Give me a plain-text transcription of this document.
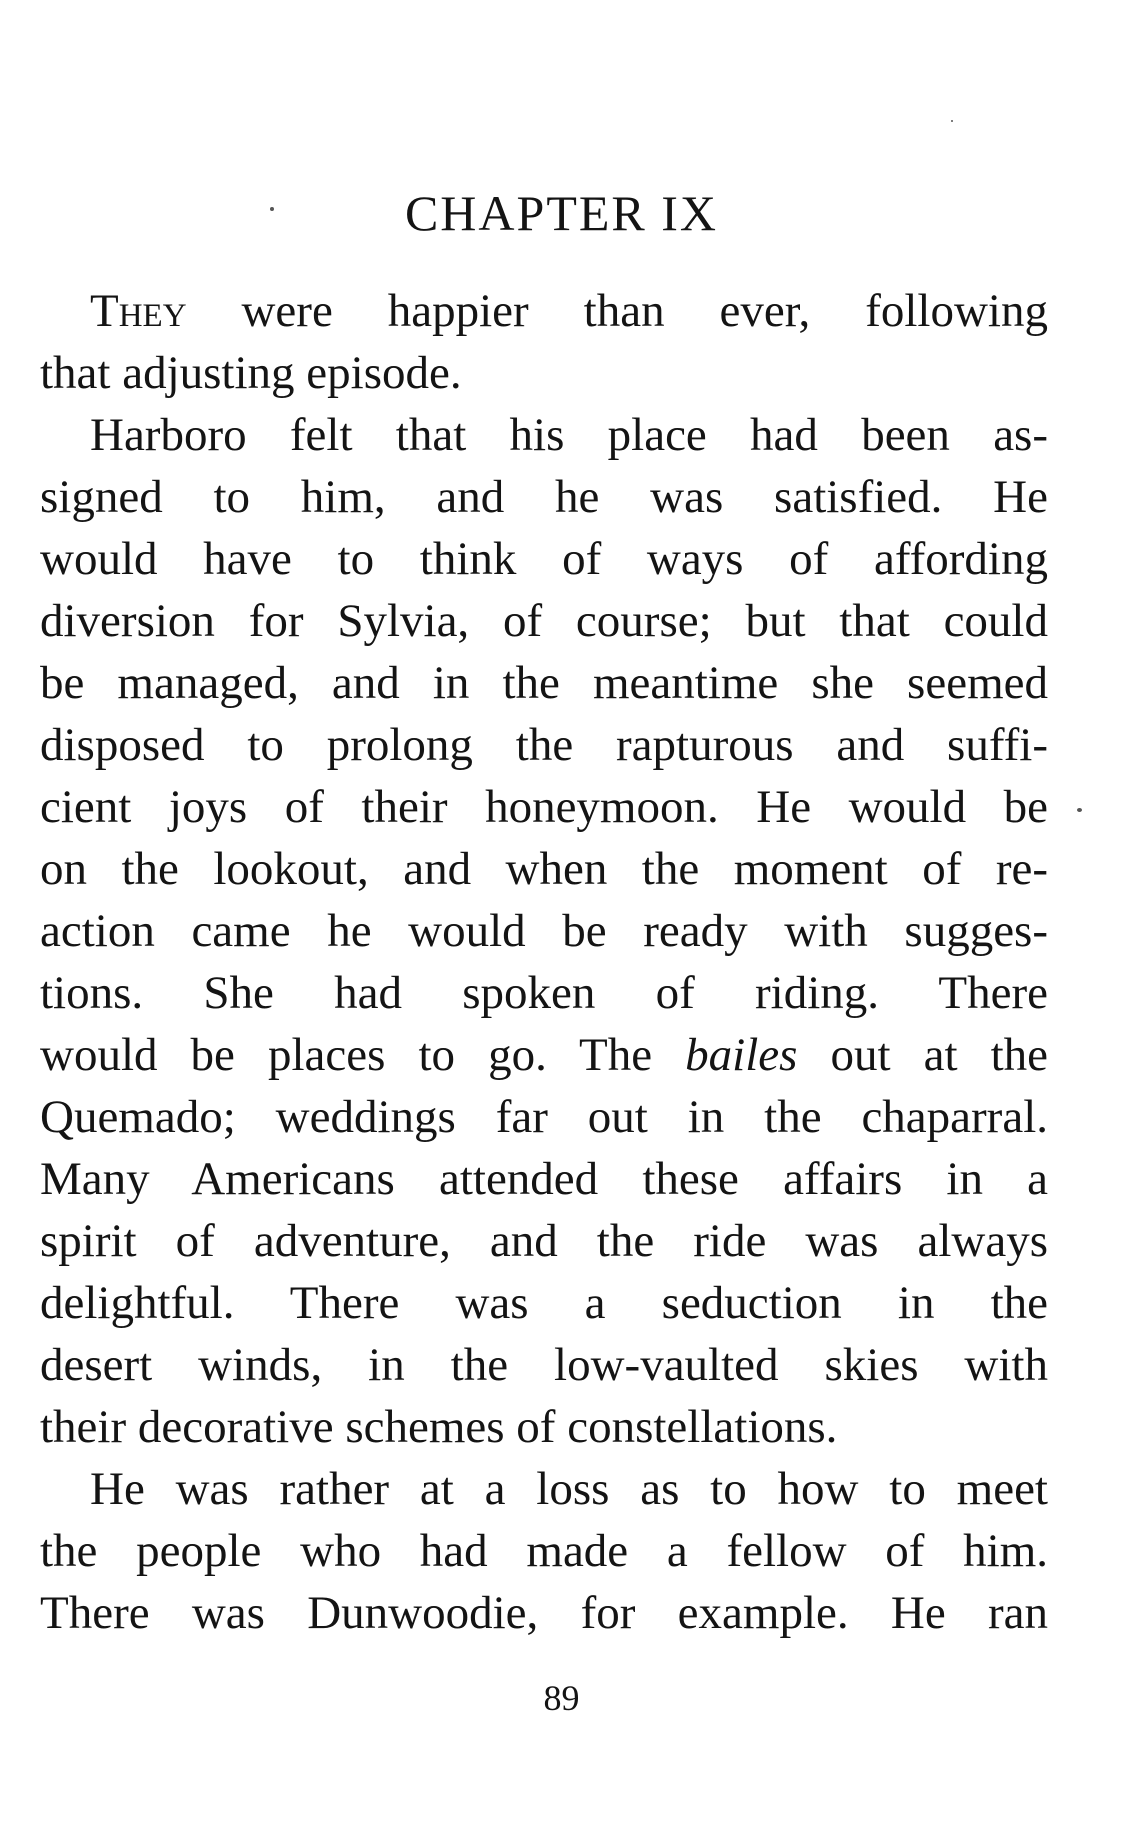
CHAPTER IX
They were happier than ever, following
that adjusting episode.
Harboro felt that his place had been as-
signed to him, and he was satisfied. He
would have to think of ways of affording
diversion for Sylvia, of course; but that could
be managed, and in the meantime she seemed
disposed to prolong the rapturous and suffi-
cient joys of their honeymoon. He would be
on the lookout, and when the moment of re-
action came he would be ready with sugges-
tions. She had spoken of riding. There
would be places to go. The bailes out at the
Quemado; weddings far out in the chaparral.
Many Americans attended these affairs in a
spirit of adventure, and the ride was always
delightful. There was a seduction in the
desert winds, in the low-vaulted skies with
their decorative schemes of constellations.
He was rather at a loss as to how to meet
the people who had made a fellow of him.
There was Dunwoodie, for example. He ran
89
